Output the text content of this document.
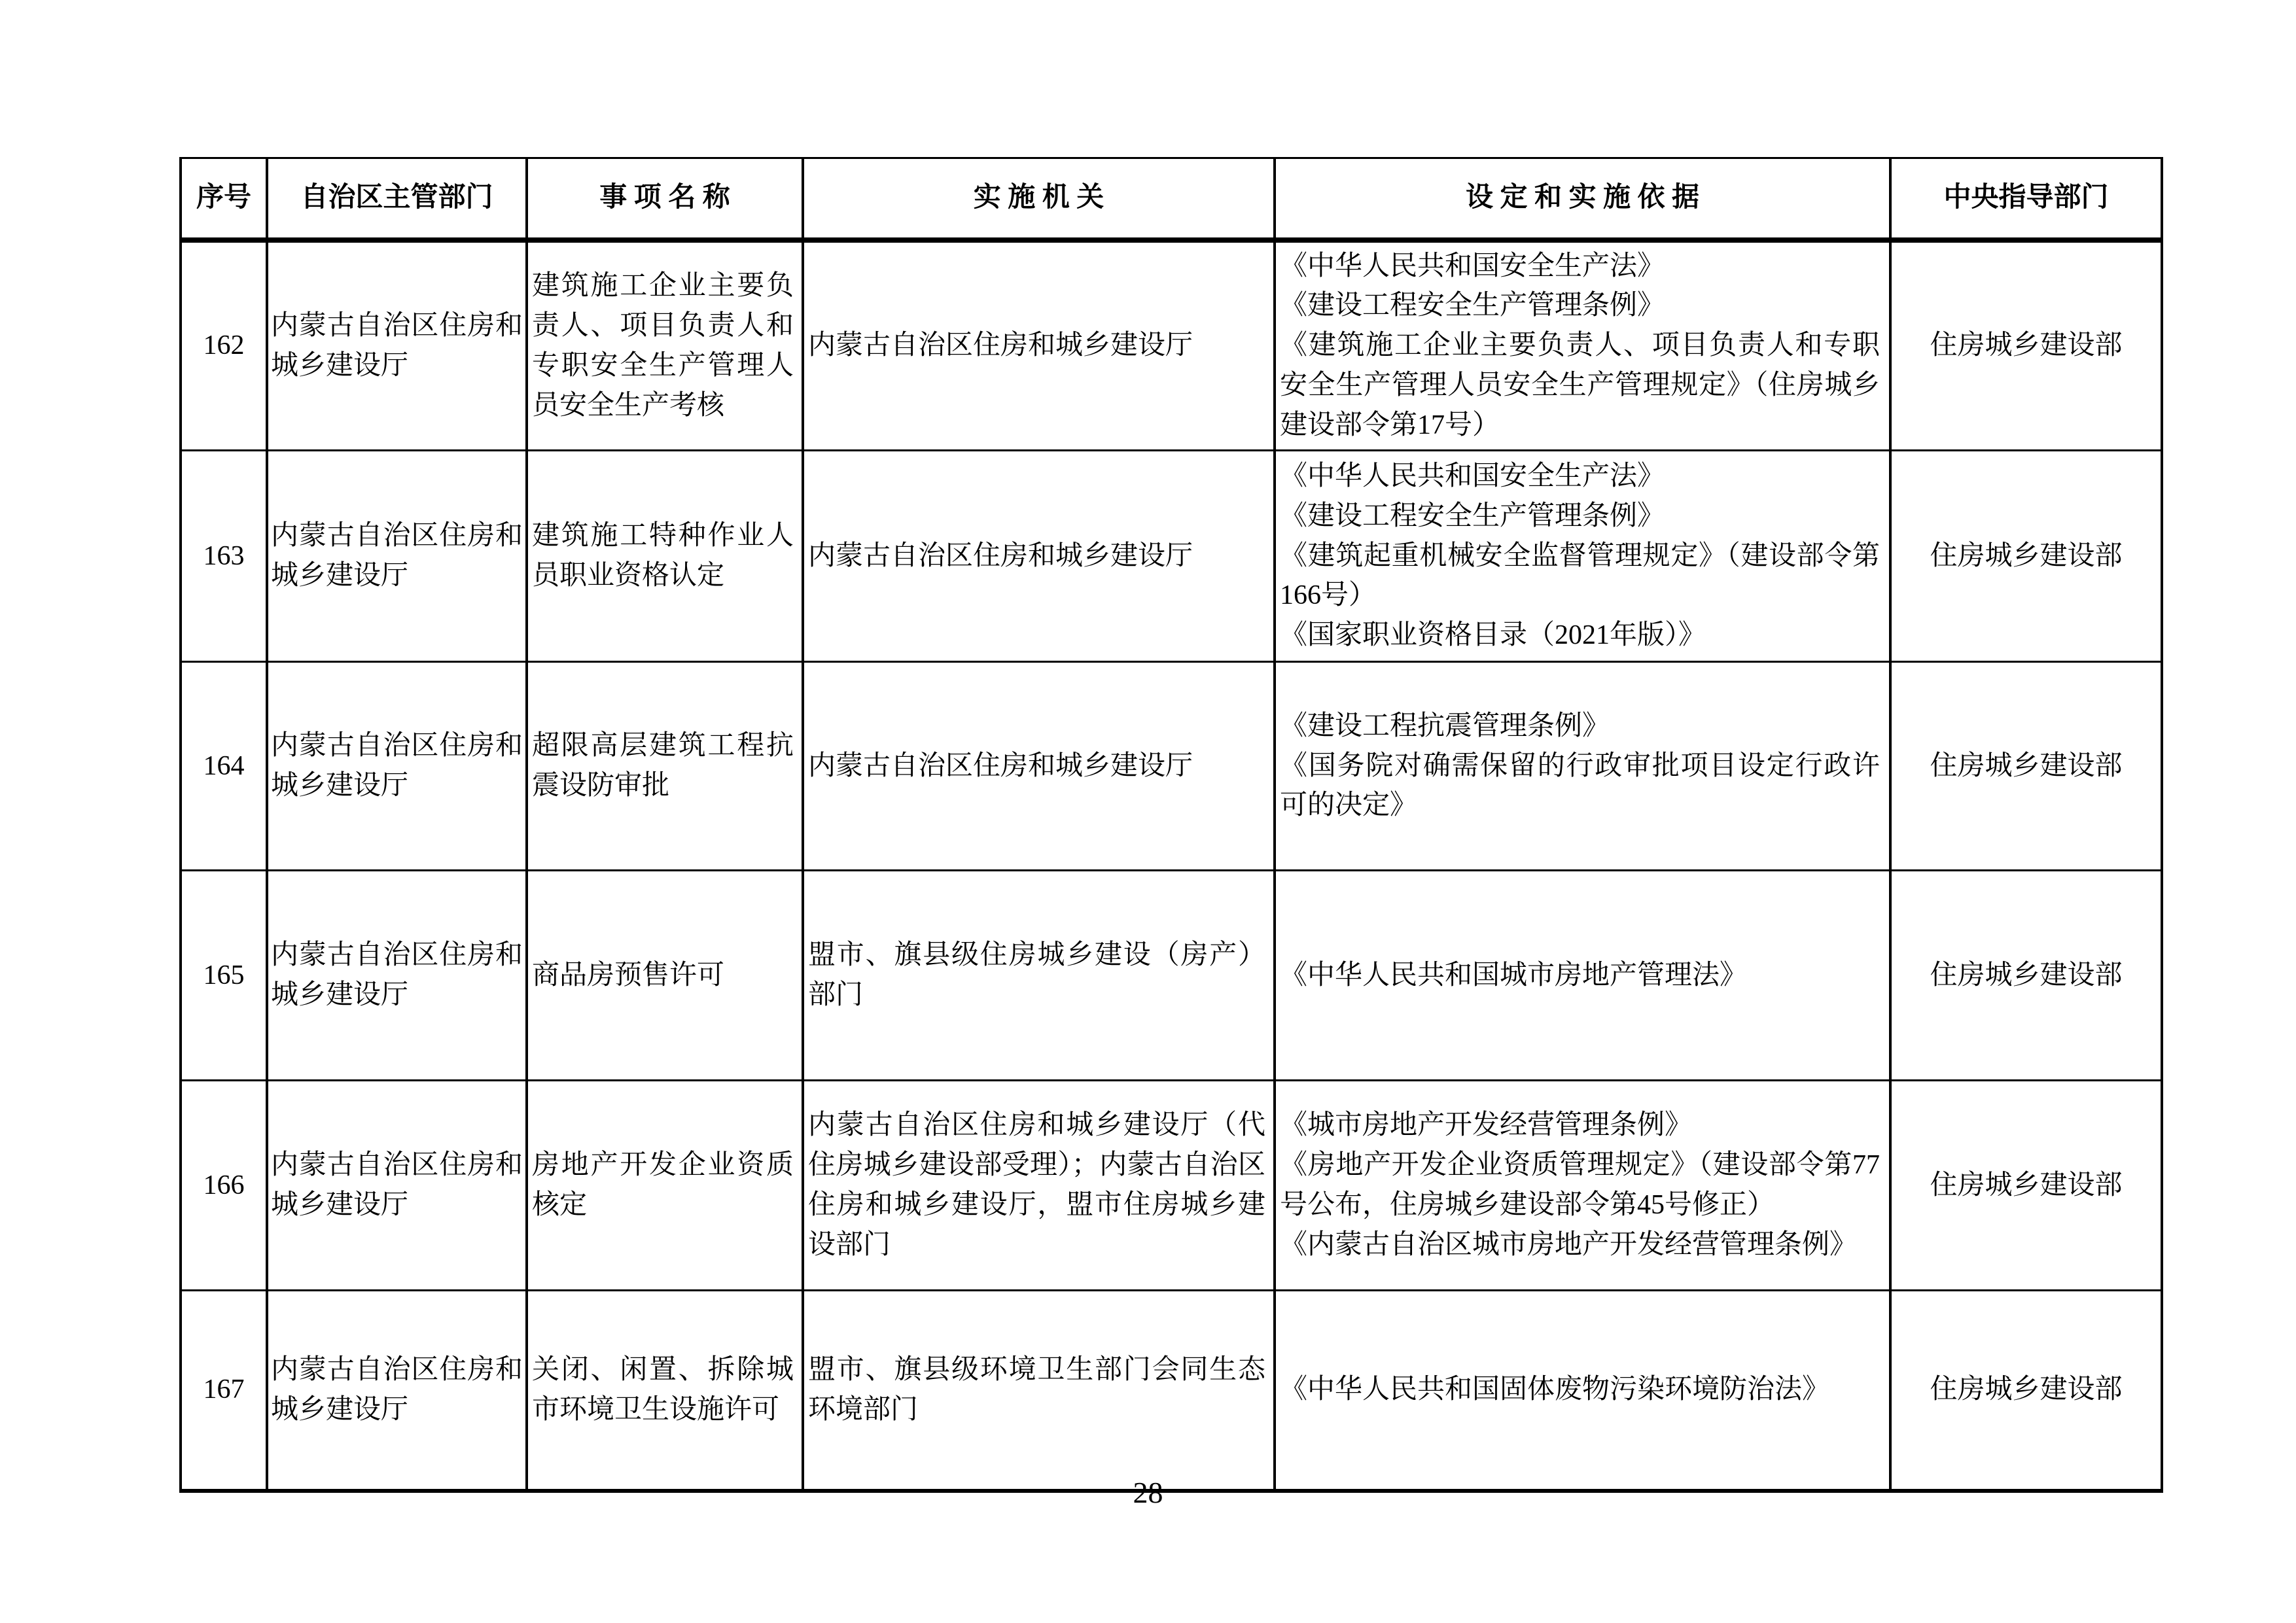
序号	自治区主管部门	事 项 名 称	实 施 机 关	设 定 和 实 施 依 据	中央指导部门
162	内蒙古自治区住房和城乡建设厅	建筑施工企业主要负责人、项目负责人和专职安全生产管理人员安全生产考核	内蒙古自治区住房和城乡建设厅	《中华人民共和国安全生产法》
《建设工程安全生产管理条例》
《建筑施工企业主要负责人、项目负责人和专职安全生产管理人员安全生产管理规定》（住房城乡建设部令第17号）	住房城乡建设部
163	内蒙古自治区住房和城乡建设厅	建筑施工特种作业人员职业资格认定	内蒙古自治区住房和城乡建设厅	《中华人民共和国安全生产法》
《建设工程安全生产管理条例》
《建筑起重机械安全监督管理规定》（建设部令第166号）
《国家职业资格目录（2021年版）》	住房城乡建设部
164	内蒙古自治区住房和城乡建设厅	超限高层建筑工程抗震设防审批	内蒙古自治区住房和城乡建设厅	《建设工程抗震管理条例》
《国务院对确需保留的行政审批项目设定行政许可的决定》	住房城乡建设部
165	内蒙古自治区住房和城乡建设厅	商品房预售许可	盟市、旗县级住房城乡建设（房产）部门	《中华人民共和国城市房地产管理法》	住房城乡建设部
166	内蒙古自治区住房和城乡建设厅	房地产开发企业资质核定	内蒙古自治区住房和城乡建设厅（代住房城乡建设部受理）；内蒙古自治区住房和城乡建设厅，盟市住房城乡建设部门	《城市房地产开发经营管理条例》
《房地产开发企业资质管理规定》（建设部令第77号公布，住房城乡建设部令第45号修正）
《内蒙古自治区城市房地产开发经营管理条例》	住房城乡建设部
167	内蒙古自治区住房和城乡建设厅	关闭、闲置、拆除城市环境卫生设施许可	盟市、旗县级环境卫生部门会同生态环境部门	《中华人民共和国固体废物污染环境防治法》	住房城乡建设部
－ 28 －
